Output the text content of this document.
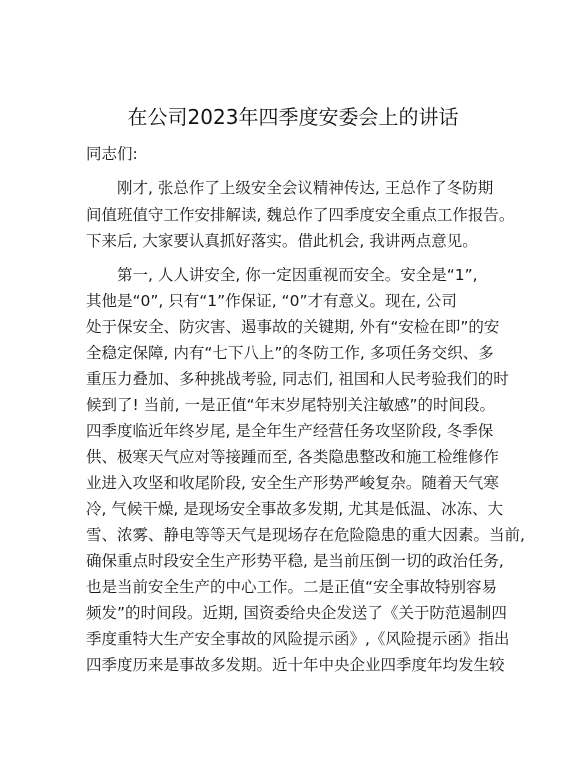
在公司2023年四季度安委会上的讲话
同志们:
刚才, 张总作了上级安全会议精神传达, 王总作了冬防期
间值班值守工作安排解读, 魏总作了四季度安全重点工作报告。
下来后, 大家要认真抓好落实。借此机会, 我讲两点意见。
第一, 人人讲安全, 你一定因重视而安全。安全是“1”,
其他是“0”, 只有“1”作保证, “0”才有意义。现在, 公司
处于保安全、防灾害、遏事故的关键期, 外有“安检在即”的安
全稳定保障, 内有“七下八上”的冬防工作, 多项任务交织、多
重压力叠加、多种挑战考验, 同志们, 祖国和人民考验我们的时
候到了! 当前, 一是正值“年末岁尾特别关注敏感”的时间段。
四季度临近年终岁尾, 是全年生产经营任务攻坚阶段, 冬季保
供、极寒天气应对等接踵而至, 各类隐患整改和施工检维修作
业进入攻坚和收尾阶段, 安全生产形势严峻复杂。随着天气寒
冷, 气候干燥, 是现场安全事故多发期, 尤其是低温、冰冻、大
雪、浓雾、静电等等天气是现场存在危险隐患的重大因素。当前,
确保重点时段安全生产形势平稳, 是当前压倒一切的政治任务,
也是当前安全生产的中心工作。二是正值“安全事故特别容易
频发”的时间段。近期, 国资委给央企发送了《关于防范遏制四
季度重特大生产安全事故的风险提示函》,《风险提示函》指出
四季度历来是事故多发期。近十年中央企业四季度年均发生较
